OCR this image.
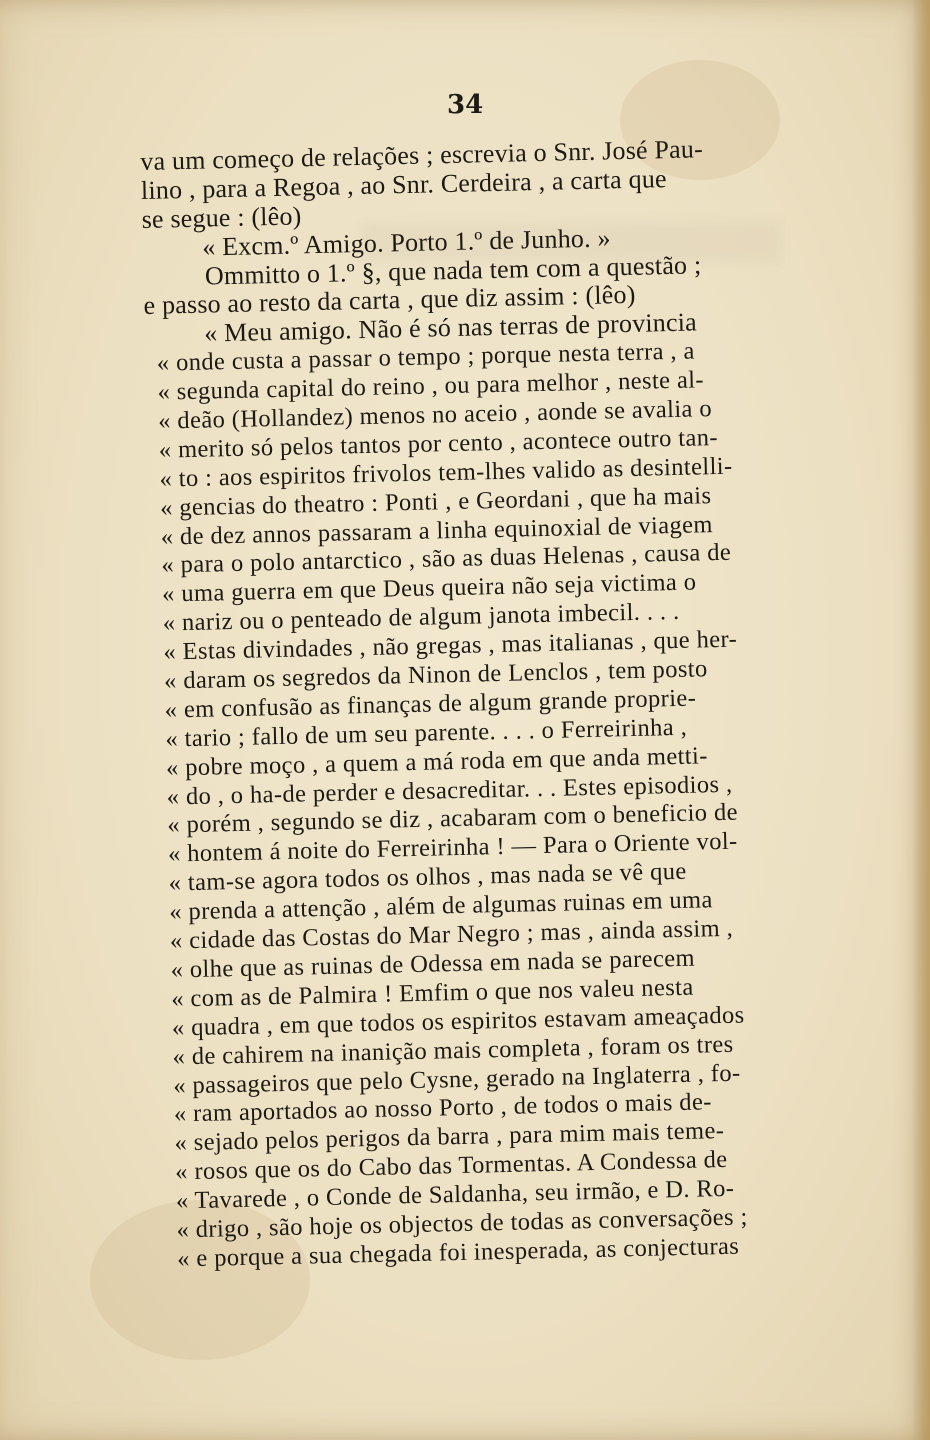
34

va um começo de relações ; escrevia o Snr. José Pau-
lino , para a Regoa , ao Snr. Cerdeira , a carta que
se segue : (lêo)
« Excm.º Amigo. Porto 1.º de Junho. »
Ommitto o 1.º §, que nada tem com a questão ;
e passo ao resto da carta , que diz assim : (lêo)
« Meu amigo. Não é só nas terras de provincia
« onde custa a passar o tempo ; porque nesta terra , a
« segunda capital do reino , ou para melhor , neste al-
« deão (Hollandez) menos no aceio , aonde se avalia o
« merito só pelos tantos por cento , acontece outro tan-
« to : aos espiritos frivolos tem-lhes valido as desintelli-
« gencias do theatro : Ponti , e Geordani , que ha mais
« de dez annos passaram a linha equinoxial de viagem
« para o polo antarctico , são as duas Helenas , causa de
« uma guerra em que Deus queira não seja victima o
« nariz ou o penteado de algum janota imbecil. . . .
« Estas divindades , não gregas , mas italianas , que her-
« daram os segredos da Ninon de Lenclos , tem posto
« em confusão as finanças de algum grande proprie-
« tario ; fallo de um seu parente. . . . o Ferreirinha ,
« pobre moço , a quem a má roda em que anda metti-
« do , o ha-de perder e desacreditar. . . Estes episodios ,
« porém , segundo se diz , acabaram com o beneficio de
« hontem á noite do Ferreirinha ! — Para o Oriente vol-
« tam-se agora todos os olhos , mas nada se vê que
« prenda a attenção , além de algumas ruinas em uma
« cidade das Costas do Mar Negro ; mas , ainda assim ,
« olhe que as ruinas de Odessa em nada se parecem
« com as de Palmira ! Emfim o que nos valeu nesta
« quadra , em que todos os espiritos estavam ameaçados
« de cahirem na inanição mais completa , foram os tres
« passageiros que pelo Cysne, gerado na Inglaterra , fo-
« ram aportados ao nosso Porto , de todos o mais de-
« sejado pelos perigos da barra , para mim mais teme-
« rosos que os do Cabo das Tormentas. A Condessa de
« Tavarede , o Conde de Saldanha, seu irmão, e D. Ro-
« drigo , são hoje os objectos de todas as conversações ;
« e porque a sua chegada foi inesperada, as conjecturas
